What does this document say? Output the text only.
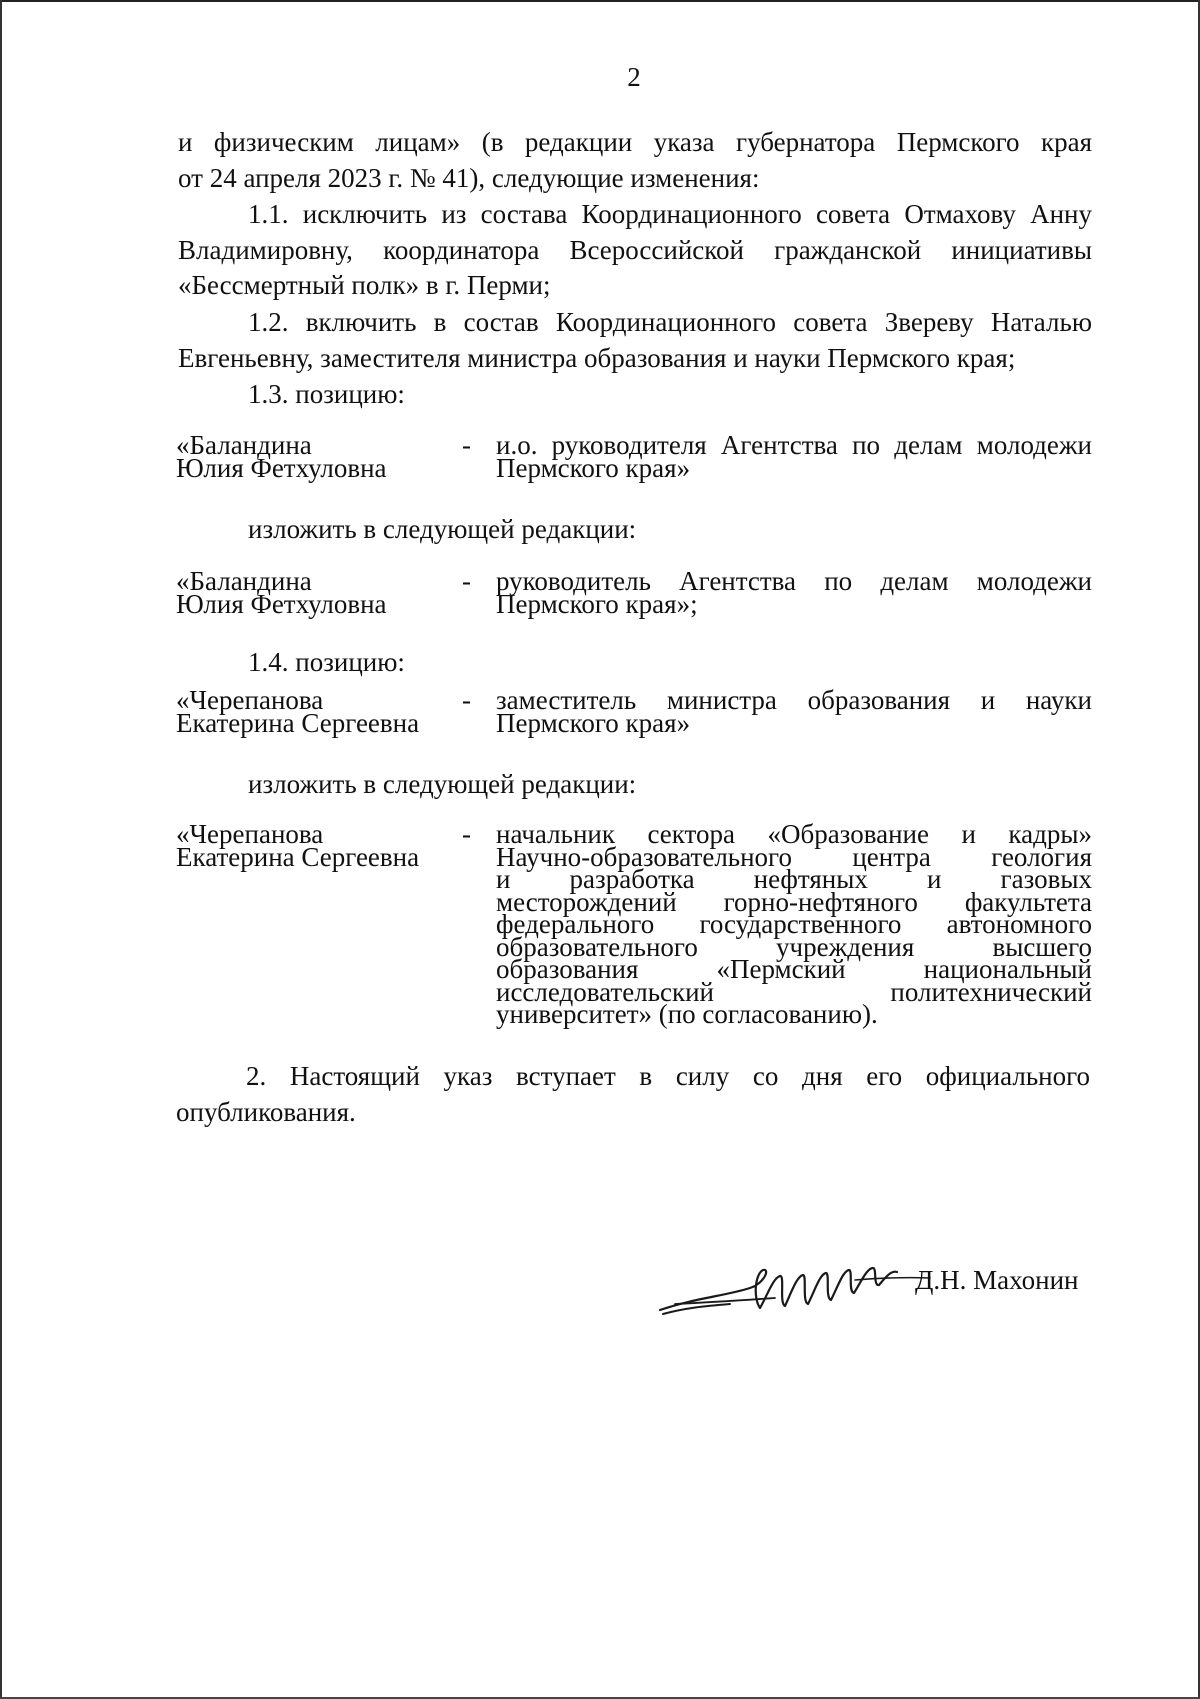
2
и физическим лицам» (в редакции указа губернатора Пермского края
от 24 апреля 2023 г. № 41), следующие изменения:
1.1. исключить из состава Координационного совета Отмахову Анну
Владимировну, координатора Всероссийской гражданской инициативы
«Бессмертный полк» в г. Перми;
1.2. включить в состав Координационного совета Звереву Наталью
Евгеньевну, заместителя министра образования и науки Пермского края;
1.3. позицию:
«Баландина
Юлия Фетхуловна
- и.о. руководителя Агентства по делам молодежи
Пермского края»
изложить в следующей редакции:
«Баландина
Юлия Фетхуловна
- руководитель Агентства по делам молодежи
Пермского края»;
1.4. позицию:
«Черепанова
Екатерина Сергеевна
- заместитель министра образования и науки
Пермского края»
изложить в следующей редакции:
«Черепанова
Екатерина Сергеевна
- начальник сектора «Образование и кадры»
Научно-образовательного центра геология
и разработка нефтяных и газовых
месторождений горно-нефтяного факультета
федерального государственного автономного
образовательного учреждения высшего
образования «Пермский национальный
исследовательский политехнический
университет» (по согласованию).
2. Настоящий указ вступает в силу со дня его официального
опубликования.
Д.Н. Махонин
